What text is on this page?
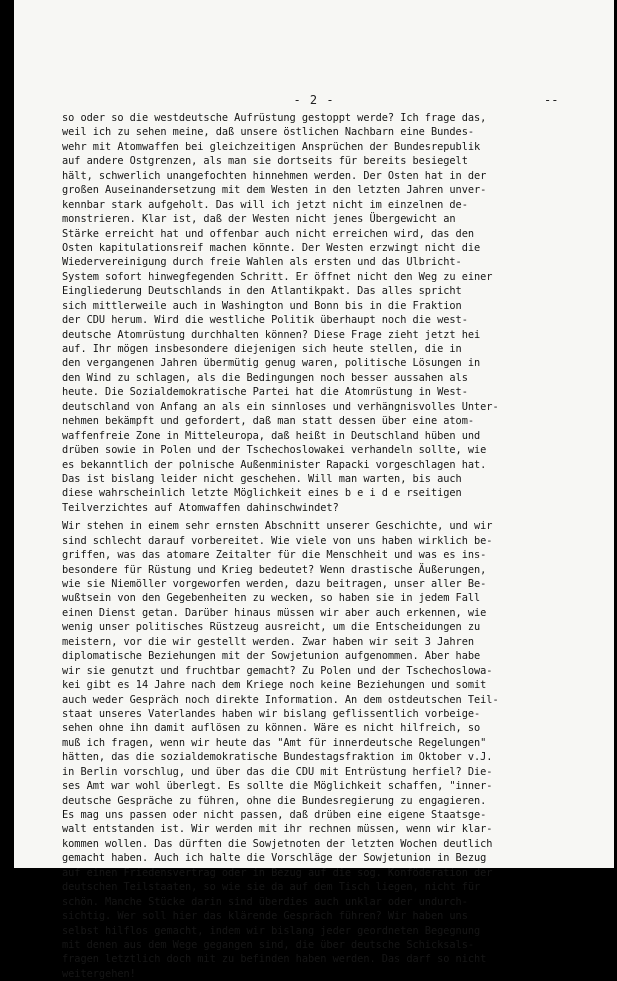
- 2 -	--
so oder so die westdeutsche Aufrüstung gestoppt werde? Ich frage das,
weil ich zu sehen meine, daß unsere östlichen Nachbarn eine Bundes-
wehr mit Atomwaffen bei gleichzeitigen Ansprüchen der Bundesrepublik
auf andere Ostgrenzen, als man sie dortseits für bereits besiegelt
hält, schwerlich unangefochten hinnehmen werden. Der Osten hat in der
großen Auseinandersetzung mit dem Westen in den letzten Jahren unver-
kennbar stark aufgeholt. Das will ich jetzt nicht im einzelnen de-
monstrieren. Klar ist, daß der Westen nicht jenes Übergewicht an
Stärke erreicht hat und offenbar auch nicht erreichen wird, das den
Osten kapitulationsreif machen könnte. Der Westen erzwingt nicht die
Wiedervereinigung durch freie Wahlen als ersten und das Ulbricht-
System sofort hinwegfegenden Schritt. Er öffnet nicht den Weg zu einer
Eingliederung Deutschlands in den Atlantikpakt. Das alles spricht
sich mittlerweile auch in Washington und Bonn bis in die Fraktion
der CDU herum. Wird die westliche Politik überhaupt noch die west-
deutsche Atomrüstung durchhalten können? Diese Frage zieht jetzt hei
auf. Ihr mögen insbesondere diejenigen sich heute stellen, die in
den vergangenen Jahren übermütig genug waren, politische Lösungen in
den Wind zu schlagen, als die Bedingungen noch besser aussahen als
heute. Die Sozialdemokratische Partei hat die Atomrüstung in West-
deutschland von Anfang an als ein sinnloses und verhängnisvolles Unter-
nehmen bekämpft und gefordert, daß man statt dessen über eine atom-
waffenfreie Zone in Mitteleuropa, daß heißt in Deutschland hüben und
drüben sowie in Polen und der Tschechoslowakei verhandeln sollte, wie
es bekanntlich der polnische Außenminister Rapacki vorgeschlagen hat.
Das ist bislang leider nicht geschehen. Will man warten, bis auch
diese wahrscheinlich letzte Möglichkeit eines b e i d e rseitigen
Teilverzichtes auf Atomwaffen dahinschwindet?
Wir stehen in einem sehr ernsten Abschnitt unserer Geschichte, und wir
sind schlecht darauf vorbereitet. Wie viele von uns haben wirklich be-
griffen, was das atomare Zeitalter für die Menschheit und was es ins-
besondere für Rüstung und Krieg bedeutet? Wenn drastische Äußerungen,
wie sie Niemöller vorgeworfen werden, dazu beitragen, unser aller Be-
wußtsein von den Gegebenheiten zu wecken, so haben sie in jedem Fall
einen Dienst getan. Darüber hinaus müssen wir aber auch erkennen, wie
wenig unser politisches Rüstzeug ausreicht, um die Entscheidungen zu
meistern, vor die wir gestellt werden. Zwar haben wir seit 3 Jahren
diplomatische Beziehungen mit der Sowjetunion aufgenommen. Aber habe
wir sie genutzt und fruchtbar gemacht? Zu Polen und der Tschechoslowa-
kei gibt es 14 Jahre nach dem Kriege noch keine Beziehungen und somit
auch weder Gespräch noch direkte Information. An dem ostdeutschen Teil-
staat unseres Vaterlandes haben wir bislang geflissentlich vorbeige-
sehen ohne ihn damit auflösen zu können. Wäre es nicht hilfreich, so
muß ich fragen, wenn wir heute das "Amt für innerdeutsche Regelungen"
hätten, das die sozialdemokratische Bundestagsfraktion im Oktober v.J.
in Berlin vorschlug, und über das die CDU mit Entrüstung herfiel? Die-
ses Amt war wohl überlegt. Es sollte die Möglichkeit schaffen, "inner-
deutsche Gespräche zu führen, ohne die Bundesregierung zu engagieren.
Es mag uns passen oder nicht passen, daß drüben eine eigene Staatsge-
walt entstanden ist. Wir werden mit ihr rechnen müssen, wenn wir klar-
kommen wollen. Das dürften die Sowjetnoten der letzten Wochen deutlich
gemacht haben. Auch ich halte die Vorschläge der Sowjetunion in Bezug
auf einen Friedensvertrag oder in Bezug auf die sog. Konföderation der
deutschen Teilstaaten, so wie sie da auf dem Tisch liegen, nicht für
schön. Manche Stücke darin sind überdies auch unklar oder undurch-
sichtig. Wer soll hier das klärende Gespräch führen? Wir haben uns
selbst hilflos gemacht, indem wir bislang jeder geordneten Begegnung
mit denen aus dem Wege gegangen sind, die über deutsche Schicksals-
fragen letztlich doch mit zu befinden haben werden. Das darf so nicht
weitergehen!
